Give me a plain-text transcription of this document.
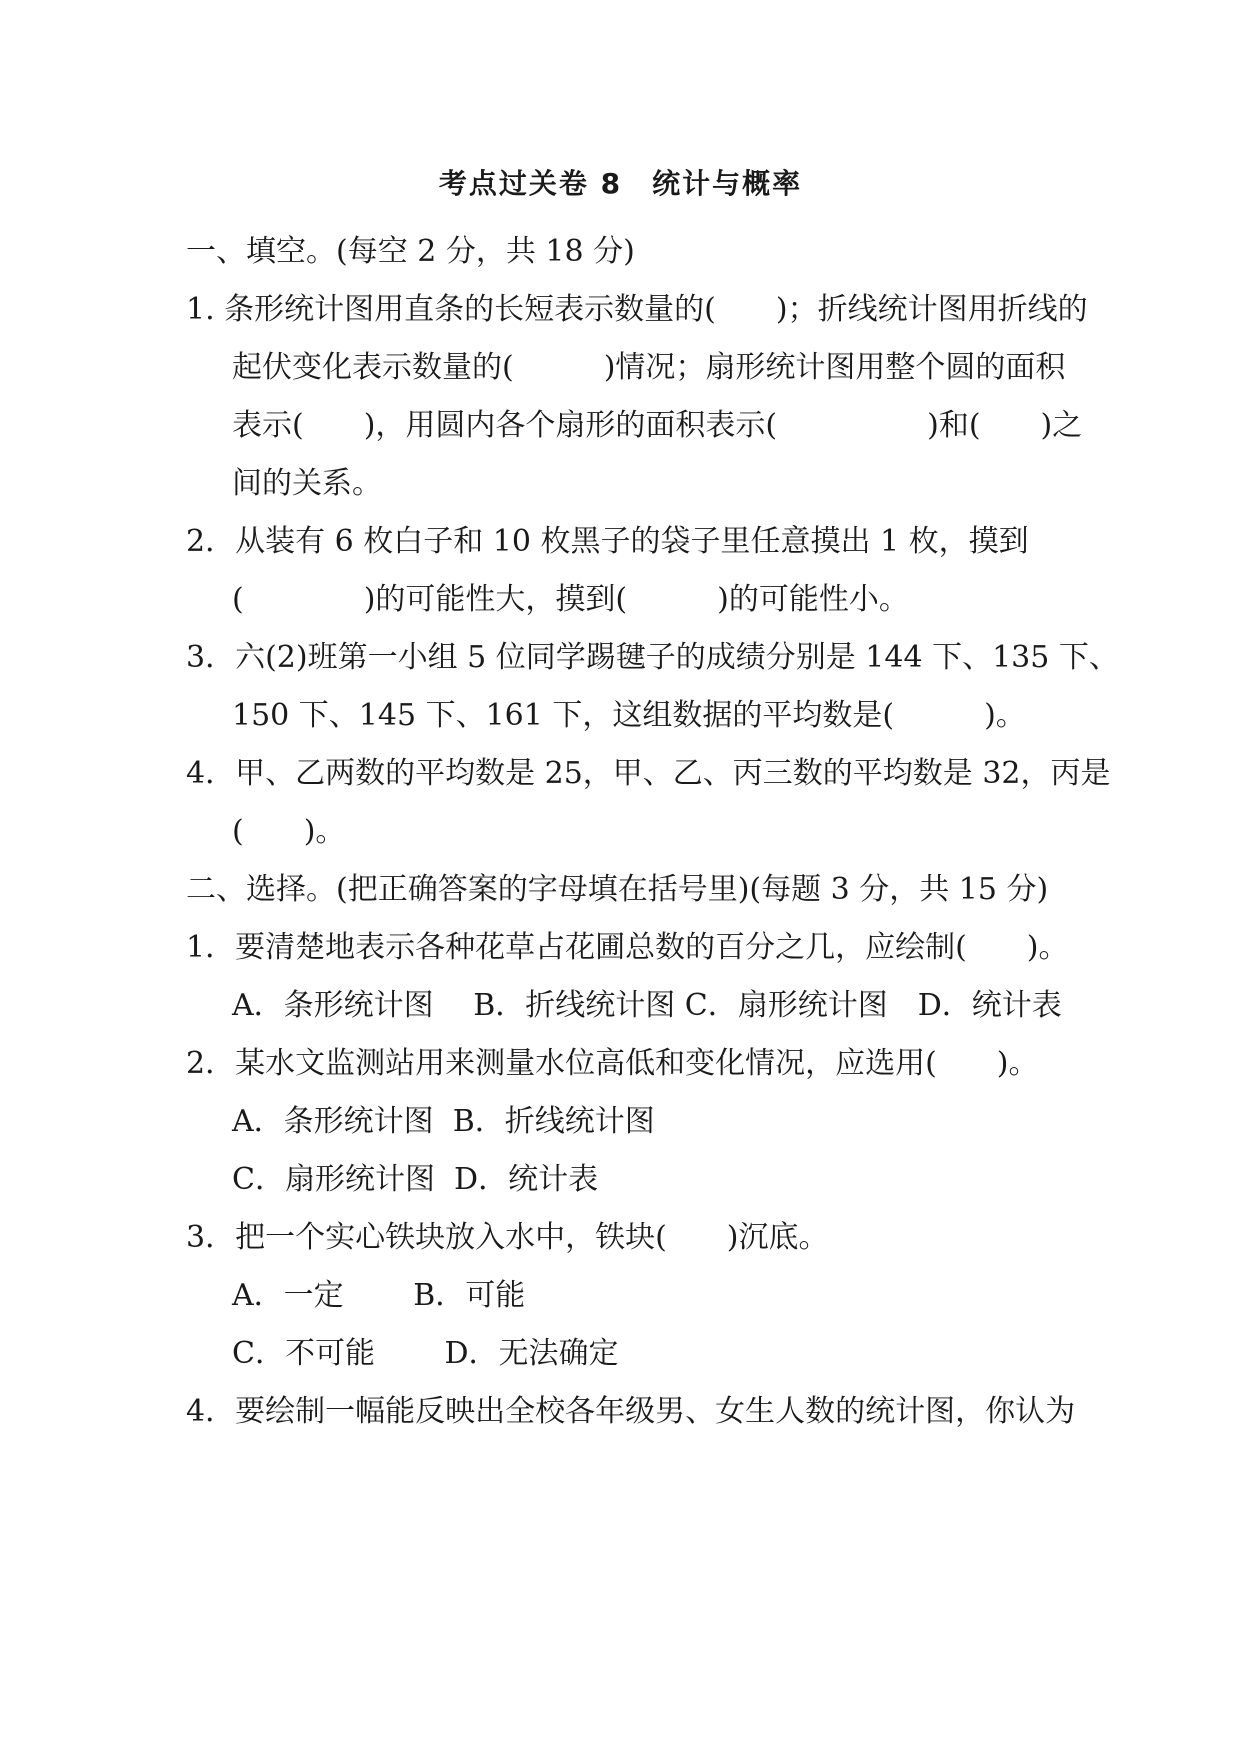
考点过关卷 8　统计与概率
一、填空。(每空 2 分，共 18 分)
1. 条形统计图用直条的长短表示数量的(　　)；折线统计图用折线的
起伏变化表示数量的(　　　)情况；扇形统计图用整个圆的面积
表示(　　)，用圆内各个扇形的面积表示(　　　　　)和(　　)之
间的关系。
2．从装有 6 枚白子和 10 枚黑子的袋子里任意摸出 1 枚，摸到
(　　　　)的可能性大，摸到(　　　)的可能性小。
3．六(2)班第一小组 5 位同学踢毽子的成绩分别是 144 下、135 下、
150 下、145 下、161 下，这组数据的平均数是(　　　)。
4．甲、乙两数的平均数是 25，甲、乙、丙三数的平均数是 32，丙是
(　　)。
二、选择。(把正确答案的字母填在括号里)(每题 3 分，共 15 分)
1．要清楚地表示各种花草占花圃总数的百分之几，应绘制(　　)。
A．条形统计图　 B．折线统计图 C．扇形统计图　D．统计表
2．某水文监测站用来测量水位高低和变化情况，应选用(　　)。
A．条形统计图  B．折线统计图
C．扇形统计图  D．统计表
3．把一个实心铁块放入水中，铁块(　　)沉底。
A．一定　　 B．可能
C．不可能　　 D．无法确定
4．要绘制一幅能反映出全校各年级男、女生人数的统计图，你认为
